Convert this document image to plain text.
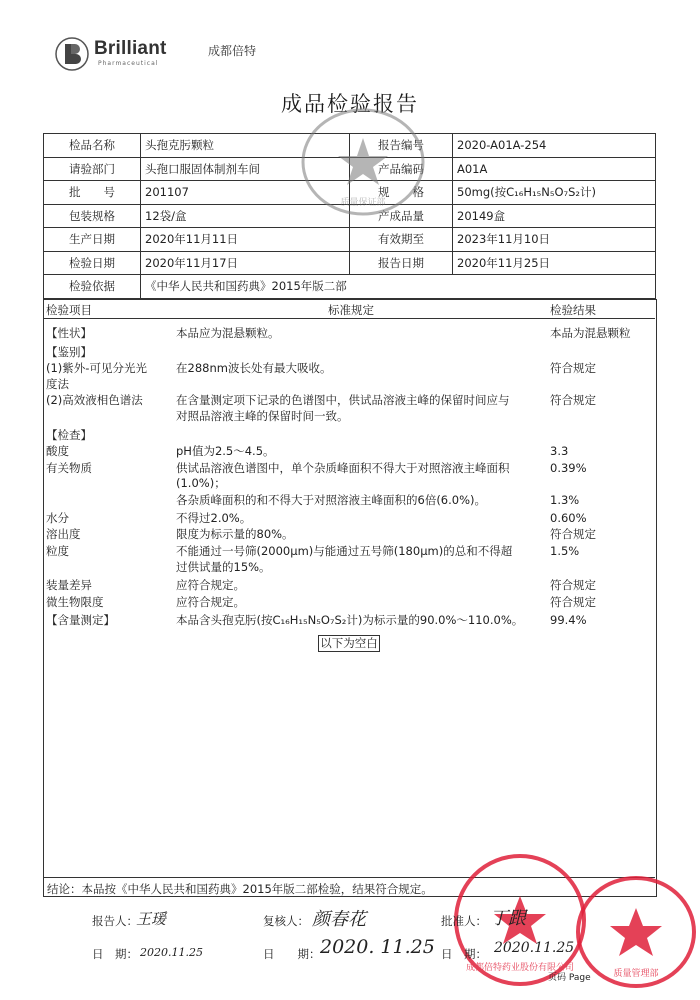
Brilliant	成都倍特
Pharmaceutical
成品检验报告
检品名称	头孢克肟颗粒	报告编号	2020-A01A-254
请验部门	头孢口服固体制剂车间	产品编码	A01A
批　　号	201107	规　　格	50mg(按C₁₆H₁₅N₅O₇S₂计)
包装规格	12袋/盒	产成品量	20149盒
生产日期	2020年11月11日	有效期至	2023年11月10日
检验日期	2020年11月17日	报告日期	2020年11月25日
检验依据	《中华人民共和国药典》2015年版二部		
检验项目	标准规定	检验结果
【性状】	本品应为混悬颗粒。	本品为混悬颗粒
【鉴别】
(1)紫外-可见分光光	在288nm波长处有最大吸收。	符合规定
度法
(2)高效液相色谱法	在含量测定项下记录的色谱图中，供试品溶液主峰的保留时间应与	符合规定
对照品溶液主峰的保留时间一致。
【检查】
酸度	pH值为2.5～4.5。	3.3
有关物质	供试品溶液色谱图中，单个杂质峰面积不得大于对照溶液主峰面积	0.39%
(1.0%)；
各杂质峰面积的和不得大于对照溶液主峰面积的6倍(6.0%)。	1.3%
水分	不得过2.0%。	0.60%
溶出度	限度为标示量的80%。	符合规定
粒度	不能通过一号筛(2000μm)与能通过五号筛(180μm)的总和不得超	1.5%
过供试量的15%。
装量差异	应符合规定。	符合规定
微生物限度	应符合规定。	符合规定
【含量测定】	本品含头孢克肟(按C₁₆H₁₅N₅O₇S₂计)为标示量的90.0%～110.0%。 99.4%
以下为空白
结论：本品按《中华人民共和国药典》2015年版二部检验，结果符合规定。
质量保证部
成都倍特药业股份有限公司
质量管理部
报告人：
王瑗	复核人： 颜春花	批准人： 丁跟
日　期： 2020.11.25	日　　期： 2020. 11.25 日　期： 2020.11.25
页码 Page
